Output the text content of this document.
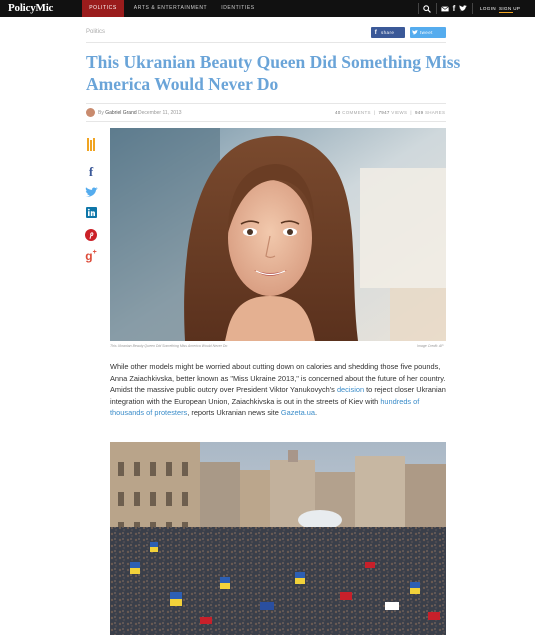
PolicyMic	POLITICS	ARTS & ENTERTAINMENT	IDENTITIES	f	LOGIN SIGN UP
Politics	f share	tweet
This Ukranian Beauty Queen Did Something Miss America Would Never Do
By Gabriel Grand December 11, 2013	40 COMMENTS  |  7947 VIEWS  |  949 SHARES
f
g+
This Ukranian Beauty Queen Did Something Miss America Would Never Do	Image Credit: AP

While other models might be worried about cutting down on calories and shedding those five pounds, Anna Zaiachkivska, better known as "Miss Ukraine 2013," is concerned about the future of her country. Amidst the massive public outcry over President Viktor Yanukovych's decision to reject closer Ukranian integration with the European Union, Zaiachkivska is out in the streets of Kiev with hundreds of thousands of protesters, reports Ukranian news site Gazeta.ua.
